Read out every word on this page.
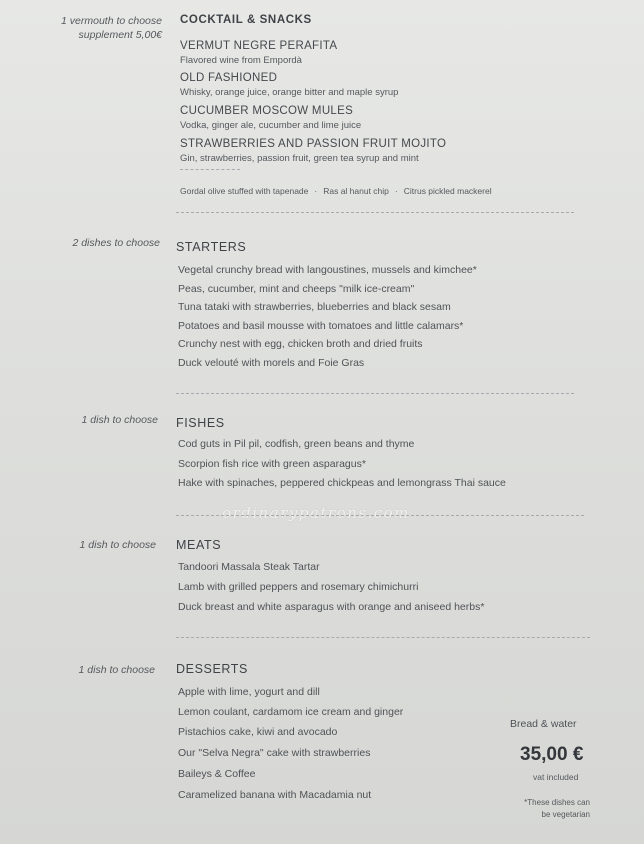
1 vermouth to choose
supplement 5,00€
COCKTAIL & SNACKS
VERMUT NEGRE PERAFITA
Flavored wine from Empordà
OLD FASHIONED
Whisky, orange juice, orange bitter and maple syrup
CUCUMBER MOSCOW MULES
Vodka, ginger ale, cucumber and lime juice
STRAWBERRIES AND PASSION FRUIT MOJITO
Gin, strawberries, passion fruit, green tea syrup and mint
Gordal olive stuffed with tapenade · Ras al hanut chip · Citrus pickled mackerel
2 dishes to choose STARTERS
Vegetal crunchy bread with langoustines, mussels and kimchee*
Peas, cucumber, mint and cheeps "milk ice-cream"
Tuna tataki with strawberries, blueberries and black sesam
Potatoes and basil mousse with tomatoes and little calamars*
Crunchy nest with egg, chicken broth and dried fruits
Duck velouté with morels and Foie Gras
1 dish to choose FISHES
Cod guts in Pil pil, codfish, green beans and thyme
Scorpion fish rice with green asparagus*
Hake with spinaches, peppered chickpeas and lemongrass Thai sauce
ordinarypatrons.com
1 dish to choose MEATS
Tandoori Massala Steak Tartar
Lamb with grilled peppers and rosemary chimichurri
Duck breast and white asparagus with orange and aniseed herbs*
1 dish to choose DESSERTS
Apple with lime, yogurt and dill
Lemon coulant, cardamom ice cream and ginger
Pistachios cake, kiwi and avocado
Our "Selva Negra" cake with strawberries
Baileys & Coffee
Caramelized banana with Macadamia nut
Bread & water
35,00 €
vat included
*These dishes can
be vegetarian
